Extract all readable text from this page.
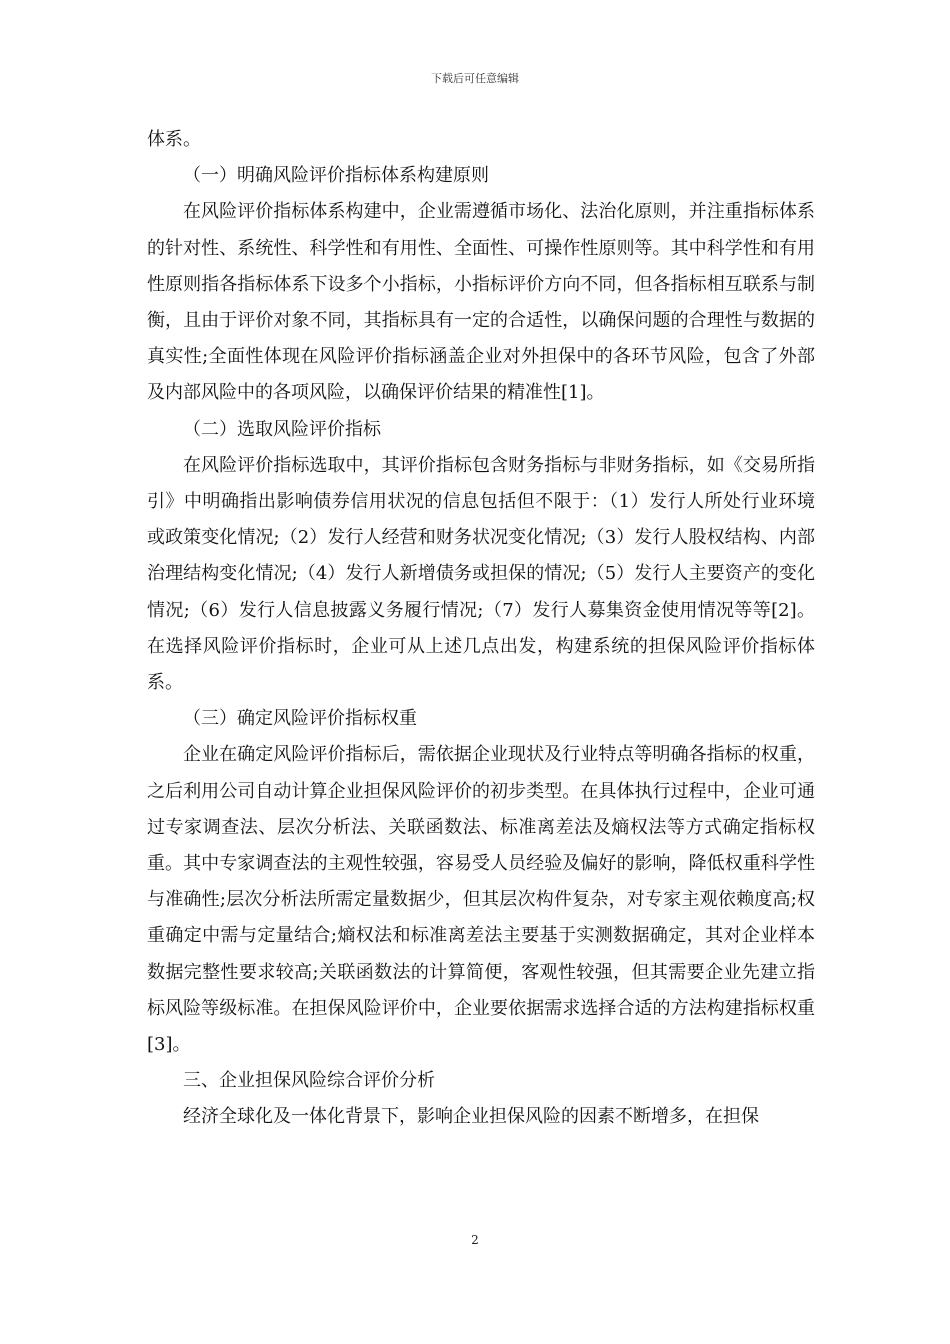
下载后可任意编辑

体系。

（一）明确风险评价指标体系构建原则

在风险评价指标体系构建中，企业需遵循市场化、法治化原则，并注重指标体系的针对性、系统性、科学性和有用性、全面性、可操作性原则等。其中科学性和有用性原则指各指标体系下设多个小指标，小指标评价方向不同，但各指标相互联系与制衡，且由于评价对象不同，其指标具有一定的合适性，以确保问题的合理性与数据的真实性;全面性体现在风险评价指标涵盖企业对外担保中的各环节风险，包含了外部及内部风险中的各项风险，以确保评价结果的精准性[1]。

（二）选取风险评价指标

在风险评价指标选取中，其评价指标包含财务指标与非财务指标，如《交易所指引》中明确指出影响债券信用状况的信息包括但不限于：（1）发行人所处行业环境或政策变化情况;（2）发行人经营和财务状况变化情况;（3）发行人股权结构、内部治理结构变化情况;（4）发行人新增债务或担保的情况;（5）发行人主要资产的变化情况;（6）发行人信息披露义务履行情况;（7）发行人募集资金使用情况等等[2]。在选择风险评价指标时，企业可从上述几点出发，构建系统的担保风险评价指标体系。

（三）确定风险评价指标权重

企业在确定风险评价指标后，需依据企业现状及行业特点等明确各指标的权重，之后利用公司自动计算企业担保风险评价的初步类型。在具体执行过程中，企业可通过专家调查法、层次分析法、关联函数法、标准离差法及熵权法等方式确定指标权重。其中专家调查法的主观性较强，容易受人员经验及偏好的影响，降低权重科学性与准确性;层次分析法所需定量数据少，但其层次构件复杂，对专家主观依赖度高;权重确定中需与定量结合;熵权法和标准离差法主要基于实测数据确定，其对企业样本数据完整性要求较高;关联函数法的计算简便，客观性较强，但其需要企业先建立指标风险等级标准。在担保风险评价中，企业要依据需求选择合适的方法构建指标权重[3]。

三、企业担保风险综合评价分析

经济全球化及一体化背景下，影响企业担保风险的因素不断增多，在担保

2
